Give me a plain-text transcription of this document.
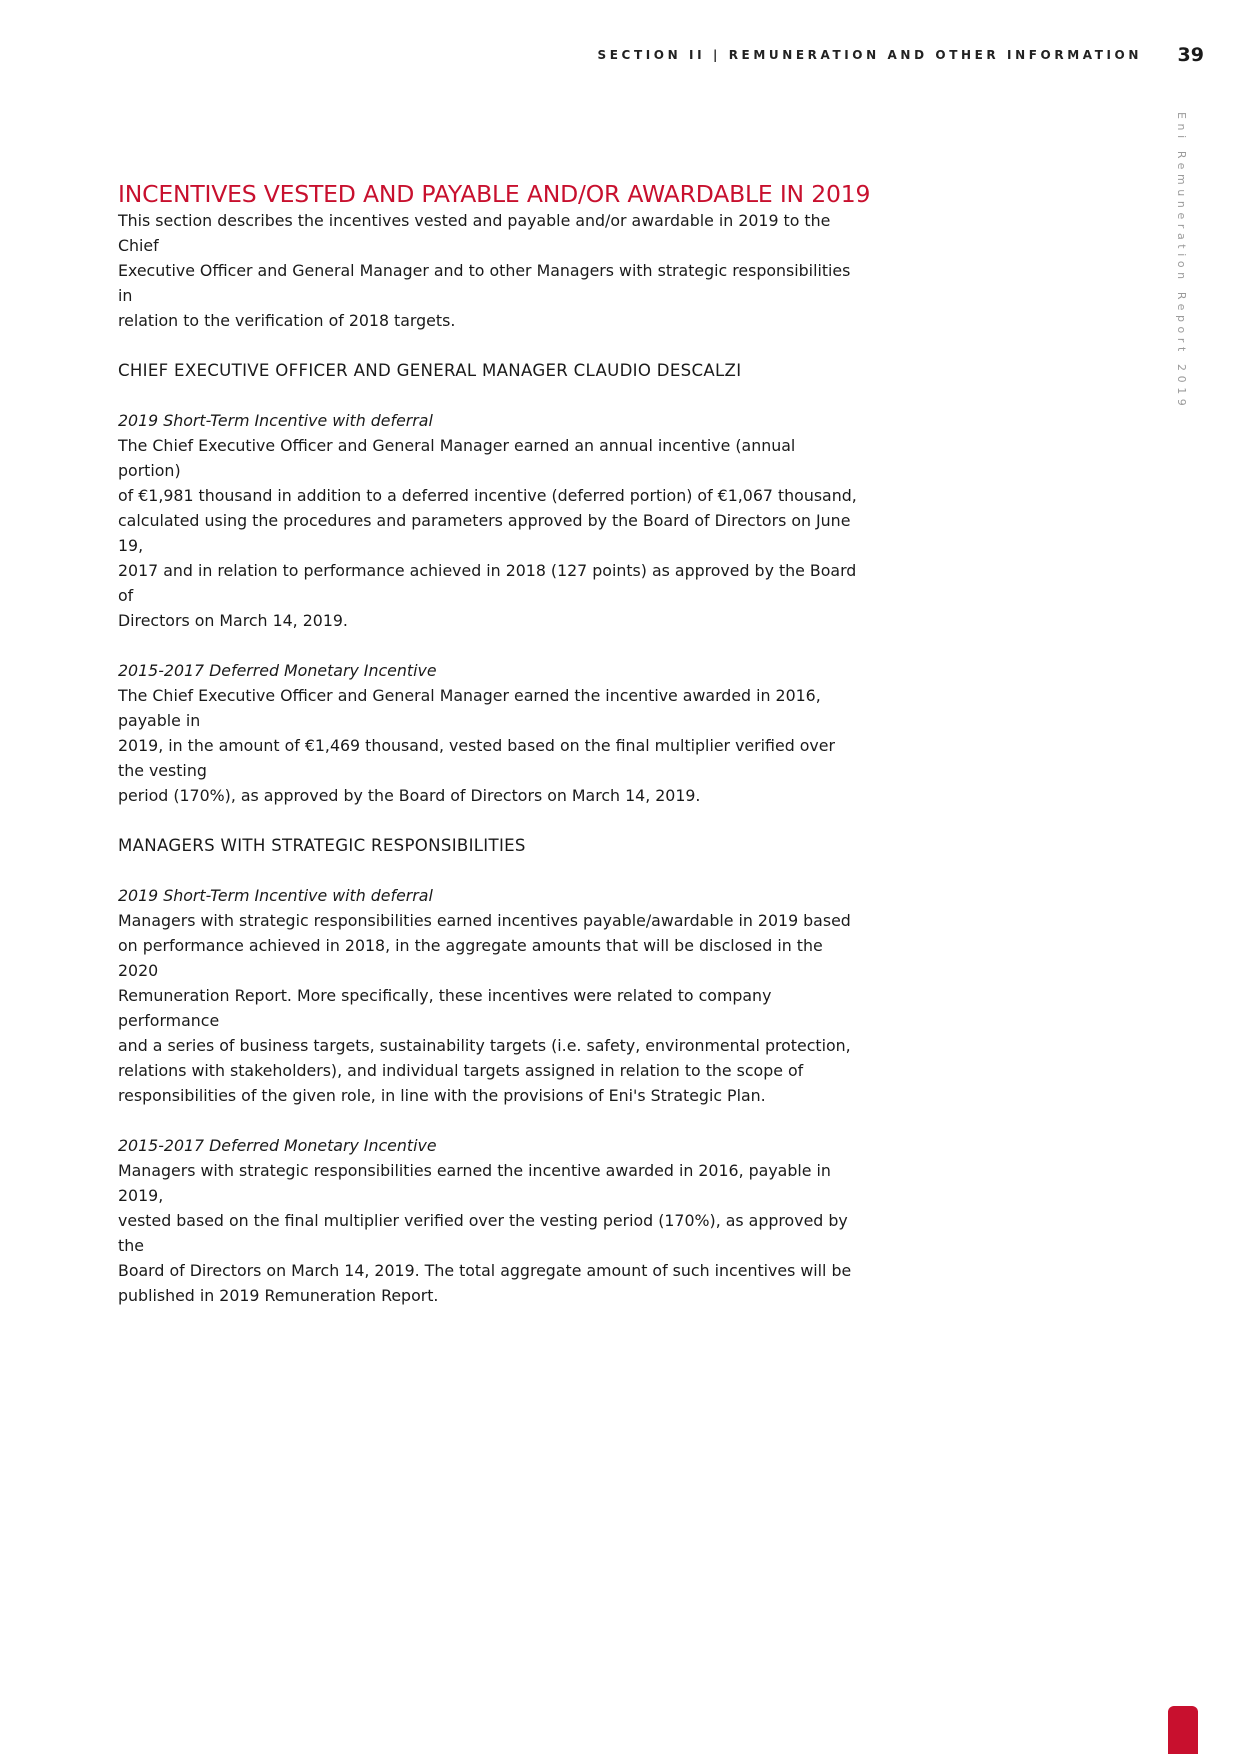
SECTION II | REMUNERATION AND OTHER INFORMATION 39
Eni Remuneration Report 2019
INCENTIVES VESTED AND PAYABLE AND/OR AWARDABLE IN 2019

This section describes the incentives vested and payable and/or awardable in 2019 to the Chief

Executive Officer and General Manager and to other Managers with strategic responsibilities in

relation to the verification of 2018 targets.

CHIEF EXECUTIVE OFFICER AND GENERAL MANAGER CLAUDIO DESCALZI

2019 Short-Term Incentive with deferral

The Chief Executive Officer and General Manager earned an annual incentive (annual portion)

of €1,981 thousand in addition to a deferred incentive (deferred portion) of €1,067 thousand,

calculated using the procedures and parameters approved by the Board of Directors on June 19,

2017 and in relation to performance achieved in 2018 (127 points) as approved by the Board of

Directors on March 14, 2019.

2015-2017 Deferred Monetary Incentive

The Chief Executive Officer and General Manager earned the incentive awarded in 2016, payable in

2019, in the amount of €1,469 thousand, vested based on the final multiplier verified over the vesting

period (170%), as approved by the Board of Directors on March 14, 2019.

MANAGERS WITH STRATEGIC RESPONSIBILITIES

2019 Short-Term Incentive with deferral

Managers with strategic responsibilities earned incentives payable/awardable in 2019 based

on performance achieved in 2018, in the aggregate amounts that will be disclosed in the 2020

Remuneration Report. More specifically, these incentives were related to company performance

and a series of business targets, sustainability targets (i.e. safety, environmental protection,

relations with stakeholders), and individual targets assigned in relation to the scope of

responsibilities of the given role, in line with the provisions of Eni's Strategic Plan.

2015-2017 Deferred Monetary Incentive

Managers with strategic responsibilities earned the incentive awarded in 2016, payable in 2019,

vested based on the final multiplier verified over the vesting period (170%), as approved by the

Board of Directors on March 14, 2019. The total aggregate amount of such incentives will be

published in 2019 Remuneration Report.
